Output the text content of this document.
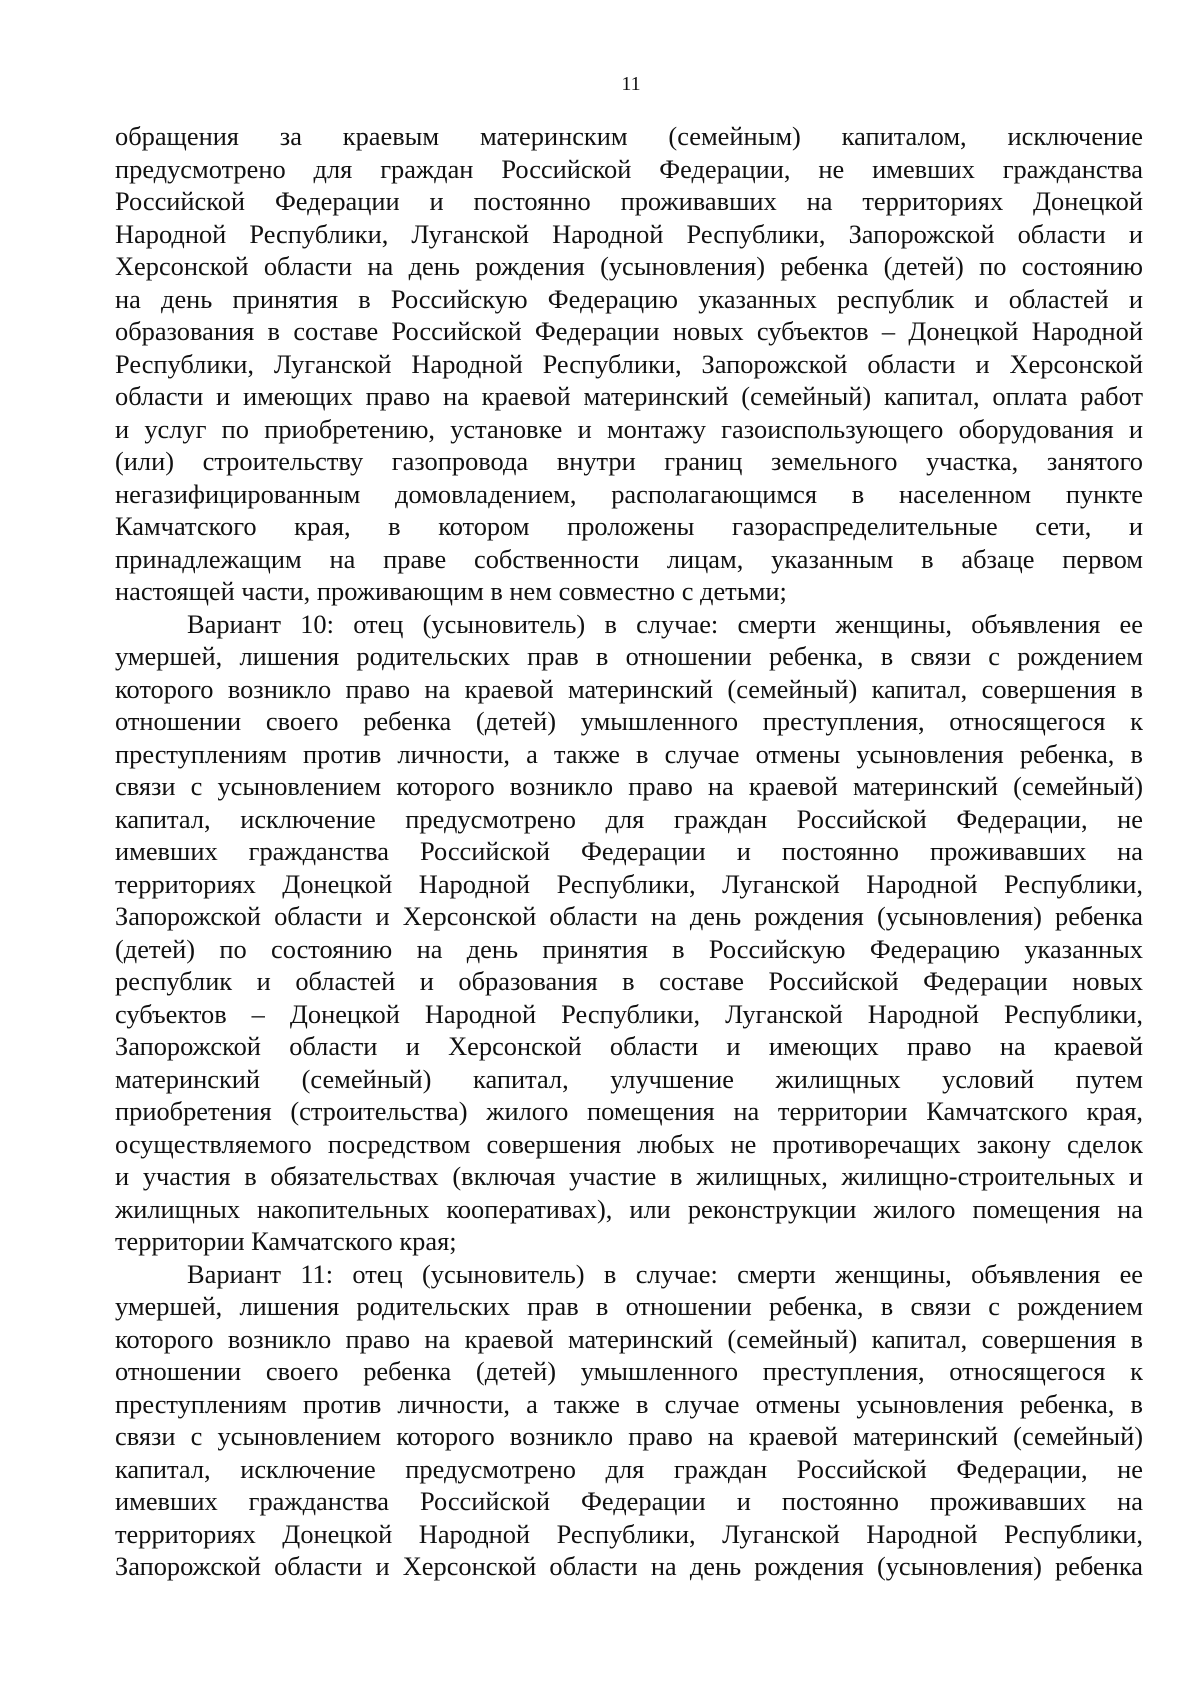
11
обращения за краевым материнским (семейным) капиталом, исключение
предусмотрено для граждан Российской Федерации, не имевших гражданства
Российской Федерации и постоянно проживавших на территориях Донецкой
Народной Республики, Луганской Народной Республики, Запорожской области и
Херсонской области на день рождения (усыновления) ребенка (детей) по состоянию
на день принятия в Российскую Федерацию указанных республик и областей и
образования в составе Российской Федерации новых субъектов – Донецкой Народной
Республики, Луганской Народной Республики, Запорожской области и Херсонской
области и имеющих право на краевой материнский (семейный) капитал, оплата работ
и услуг по приобретению, установке и монтажу газоиспользующего оборудования и
(или) строительству газопровода внутри границ земельного участка, занятого
негазифицированным домовладением, располагающимся в населенном пункте
Камчатского края, в котором проложены газораспределительные сети, и
принадлежащим на праве собственности лицам, указанным в абзаце первом
настоящей части, проживающим в нем совместно с детьми;
Вариант 10: отец (усыновитель) в случае: смерти женщины, объявления ее
умершей, лишения родительских прав в отношении ребенка, в связи с рождением
которого возникло право на краевой материнский (семейный) капитал, совершения в
отношении своего ребенка (детей) умышленного преступления, относящегося к
преступлениям против личности, а также в случае отмены усыновления ребенка, в
связи с усыновлением которого возникло право на краевой материнский (семейный)
капитал, исключение предусмотрено для граждан Российской Федерации, не
имевших гражданства Российской Федерации и постоянно проживавших на
территориях Донецкой Народной Республики, Луганской Народной Республики,
Запорожской области и Херсонской области на день рождения (усыновления) ребенка
(детей) по состоянию на день принятия в Российскую Федерацию указанных
республик и областей и образования в составе Российской Федерации новых
субъектов – Донецкой Народной Республики, Луганской Народной Республики,
Запорожской области и Херсонской области и имеющих право на краевой
материнский (семейный) капитал, улучшение жилищных условий путем
приобретения (строительства) жилого помещения на территории Камчатского края,
осуществляемого посредством совершения любых не противоречащих закону сделок
и участия в обязательствах (включая участие в жилищных, жилищно-строительных и
жилищных накопительных кооперативах), или реконструкции жилого помещения на
территории Камчатского края;
Вариант 11: отец (усыновитель) в случае: смерти женщины, объявления ее
умершей, лишения родительских прав в отношении ребенка, в связи с рождением
которого возникло право на краевой материнский (семейный) капитал, совершения в
отношении своего ребенка (детей) умышленного преступления, относящегося к
преступлениям против личности, а также в случае отмены усыновления ребенка, в
связи с усыновлением которого возникло право на краевой материнский (семейный)
капитал, исключение предусмотрено для граждан Российской Федерации, не
имевших гражданства Российской Федерации и постоянно проживавших на
территориях Донецкой Народной Республики, Луганской Народной Республики,
Запорожской области и Херсонской области на день рождения (усыновления) ребенка
